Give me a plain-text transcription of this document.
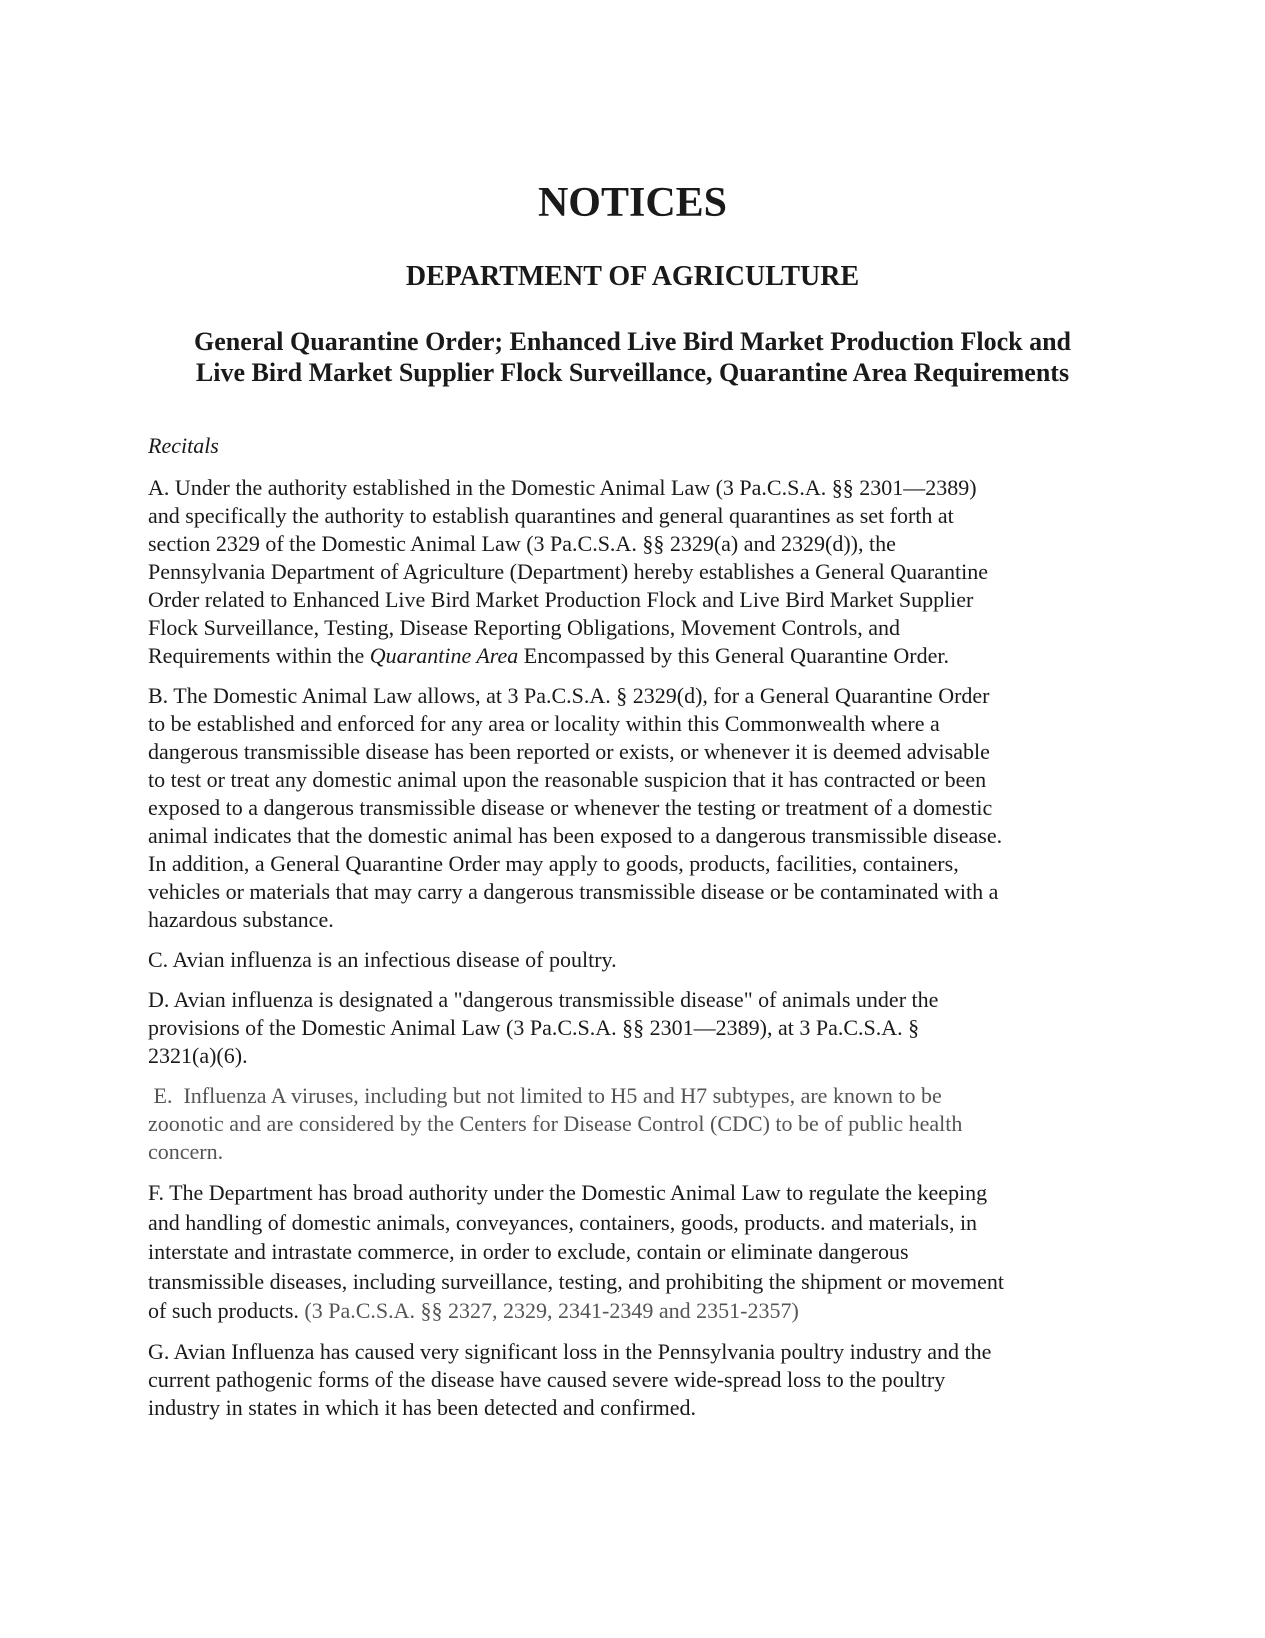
NOTICES
DEPARTMENT OF AGRICULTURE
General Quarantine Order; Enhanced Live Bird Market Production Flock and
Live Bird Market Supplier Flock Surveillance, Quarantine Area Requirements

Recitals

A. Under the authority established in the Domestic Animal Law (3 Pa.C.S.A. §§ 2301—2389)
and specifically the authority to establish quarantines and general quarantines as set forth at
section 2329 of the Domestic Animal Law (3 Pa.C.S.A. §§ 2329(a) and 2329(d)), the
Pennsylvania Department of Agriculture (Department) hereby establishes a General Quarantine
Order related to Enhanced Live Bird Market Production Flock and Live Bird Market Supplier
Flock Surveillance, Testing, Disease Reporting Obligations, Movement Controls, and
Requirements within the Quarantine Area Encompassed by this General Quarantine Order.

B. The Domestic Animal Law allows, at 3 Pa.C.S.A. § 2329(d), for a General Quarantine Order
to be established and enforced for any area or locality within this Commonwealth where a
dangerous transmissible disease has been reported or exists, or whenever it is deemed advisable
to test or treat any domestic animal upon the reasonable suspicion that it has contracted or been
exposed to a dangerous transmissible disease or whenever the testing or treatment of a domestic
animal indicates that the domestic animal has been exposed to a dangerous transmissible disease.
In addition, a General Quarantine Order may apply to goods, products, facilities, containers,
vehicles or materials that may carry a dangerous transmissible disease or be contaminated with a
hazardous substance.

C. Avian influenza is an infectious disease of poultry.

D. Avian influenza is designated a "dangerous transmissible disease" of animals under the
provisions of the Domestic Animal Law (3 Pa.C.S.A. §§ 2301—2389), at 3 Pa.C.S.A. §
2321(a)(6).

E.  Influenza A viruses, including but not limited to H5 and H7 subtypes, are known to be
zoonotic and are considered by the Centers for Disease Control (CDC) to be of public health
concern.

F. The Department has broad authority under the Domestic Animal Law to regulate the keeping
and handling of domestic animals, conveyances, containers, goods, products. and materials, in
interstate and intrastate commerce, in order to exclude, contain or eliminate dangerous
transmissible diseases, including surveillance, testing, and prohibiting the shipment or movement
of such products. (3 Pa.C.S.A. §§ 2327, 2329, 2341-2349 and 2351-2357)

G. Avian Influenza has caused very significant loss in the Pennsylvania poultry industry and the
current pathogenic forms of the disease have caused severe wide-spread loss to the poultry
industry in states in which it has been detected and confirmed.
